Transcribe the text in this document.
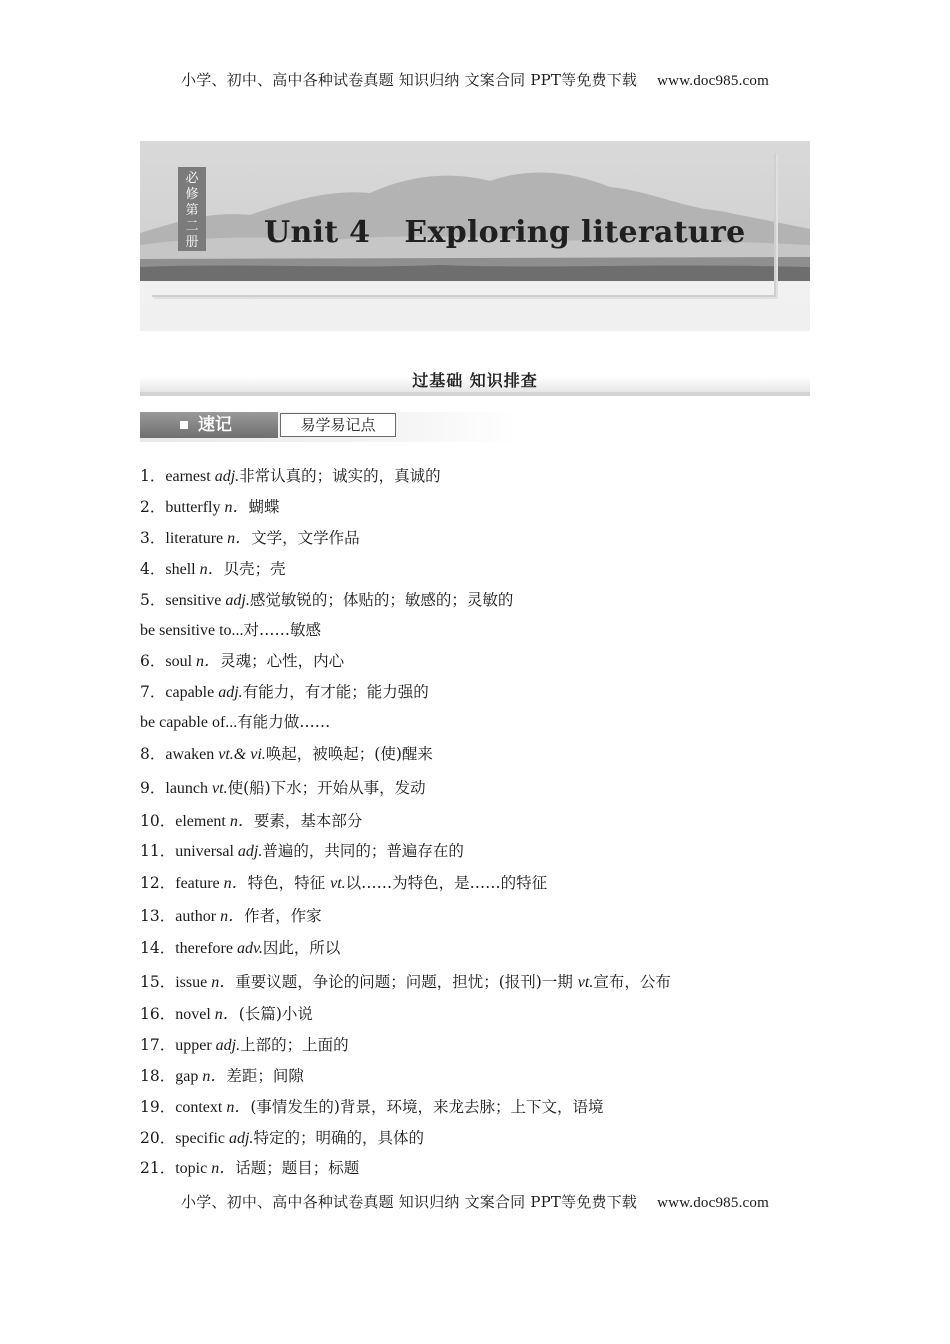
小学、初中、高中各种试卷真题 知识归纳 文案合同 PPT等免费下载 www.doc985.com
必
修
第
二
册 Unit 4 Exploring literature
过基础 知识排查
速记	易学易记点
1．earnest adj.非常认真的；诚实的，真诚的
2．butterfly n．蝴蝶
3．literature n．文学，文学作品
4．shell n．贝壳；壳
5．sensitive adj.感觉敏锐的；体贴的；敏感的；灵敏的
be sensitive to...对……敏感
6．soul n．灵魂；心性，内心
7．capable adj.有能力，有才能；能力强的
be capable of...有能力做……
8．awaken vt.& vi.唤起，被唤起；(使)醒来
9．launch vt.使(船)下水；开始从事，发动
10．element n．要素，基本部分
11．universal adj.普遍的，共同的；普遍存在的
12．feature n．特色，特征 vt.以……为特色，是……的特征
13．author n．作者，作家
14．therefore adv.因此，所以
15．issue n．重要议题，争论的问题；问题，担忧；(报刊)一期 vt.宣布，公布
16．novel n．(长篇)小说
17．upper adj.上部的；上面的
18．gap n．差距；间隙
19．context n．(事情发生的)背景，环境，来龙去脉；上下文，语境
20．specific adj.特定的；明确的，具体的
21．topic n．话题；题目；标题
小学、初中、高中各种试卷真题 知识归纳 文案合同 PPT等免费下载 www.doc985.com
